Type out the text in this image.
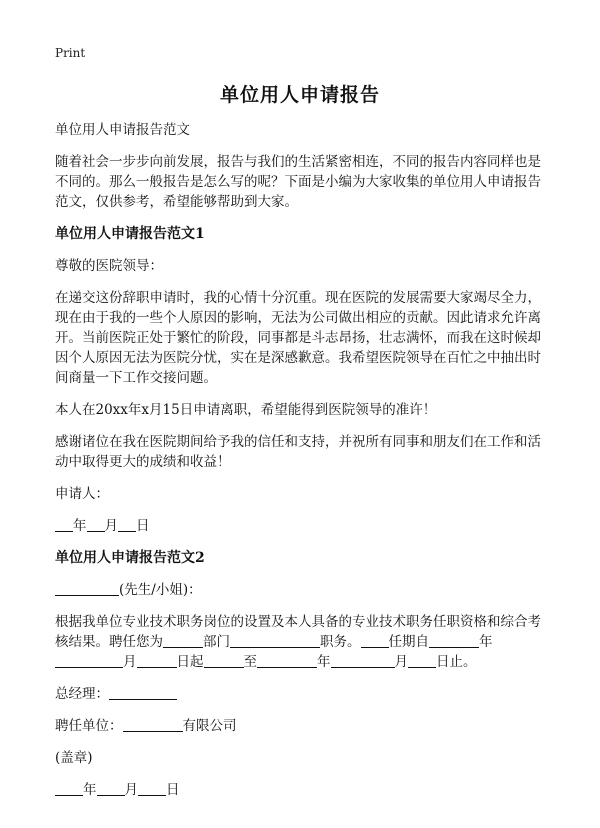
Print
单位用人申请报告

单位用人申请报告范文

随着社会一步步向前发展，报告与我们的生活紧密相连，不同的报告内容同样也是不同的。那么一般报告是怎么写的呢？下面是小编为大家收集的单位用人申请报告范文，仅供参考，希望能够帮助到大家。

单位用人申请报告范文1

尊敬的医院领导：

在递交这份辞职申请时，我的心情十分沉重。现在医院的发展需要大家竭尽全力，现在由于我的一些个人原因的影响，无法为公司做出相应的贡献。因此请求允许离开。当前医院正处于繁忙的阶段，同事都是斗志昂扬，壮志满怀，而我在这时候却因个人原因无法为医院分忧，实在是深感歉意。我希望医院领导在百忙之中抽出时间商量一下工作交接问题。

本人在20xx年x月15日申请离职，希望能得到医院领导的准许！

感谢诸位在我在医院期间给予我的信任和支持，并祝所有同事和朋友们在工作和活动中取得更大的成绩和收益！

申请人：

年 月 日

单位用人申请报告范文2

(先生/小姐)：

根据我单位专业技术职务岗位的设置及本人具备的专业技术职务任职资格和综合考核结果。聘任您为	部门	职务。 任期自	年月	日起	至	年	月 日止。

总经理：

聘任单位：	有限公司

(盖章)

年 月 日
